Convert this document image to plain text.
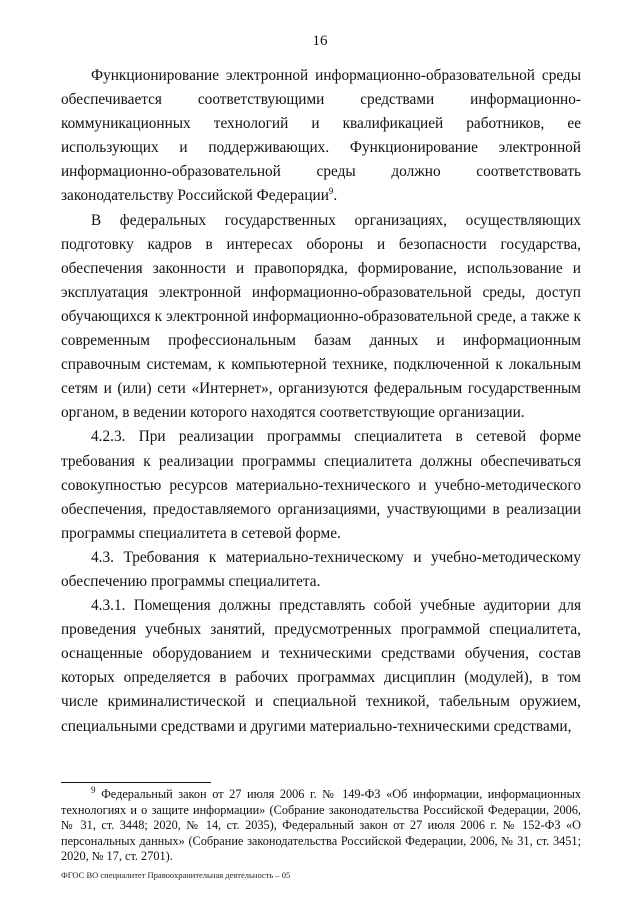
16

Функционирование электронной информационно-образовательной среды обеспечивается соответствующими средствами информационно-коммуникационных технологий и квалификацией работников, ее использующих и поддерживающих. Функционирование электронной информационно-образовательной среды должно соответствовать законодательству Российской Федерации$^9$.

В федеральных государственных организациях, осуществляющих подготовку кадров в интересах обороны и безопасности государства, обеспечения законности и правопорядка, формирование, использование и эксплуатация электронной информационно-образовательной среды, доступ обучающихся к электронной информационно-образовательной среде, а также к современным профессиональным базам данных и информационным справочным системам, к компьютерной технике, подключенной к локальным сетям и (или) сети «Интернет», организуются федеральным государственным органом, в ведении которого находятся соответствующие организации.

4.2.3. При реализации программы специалитета в сетевой форме требования к реализации программы специалитета должны обеспечиваться совокупностью ресурсов материально-технического и учебно-методического обеспечения, предоставляемого организациями, участвующими в реализации программы специалитета в сетевой форме.

4.3. Требования к материально-техническому и учебно-методическому обеспечению программы специалитета.

4.3.1. Помещения должны представлять собой учебные аудитории для проведения учебных занятий, предусмотренных программой специалитета, оснащенные оборудованием и техническими средствами обучения, состав которых определяется в рабочих программах дисциплин (модулей), в том числе криминалистической и специальной техникой, табельным оружием, специальными средствами и другими материально-техническими средствами,

$^9$ Федеральный закон от 27 июля 2006 г. № 149-ФЗ «Об информации, информационных технологиях и о защите информации» (Собрание законодательства Российской Федерации, 2006, № 31, ст. 3448; 2020, № 14, ст. 2035), Федеральный закон от 27 июля 2006 г. № 152-ФЗ «О персональных данных» (Собрание законодательства Российской Федерации, 2006, № 31, ст. 3451; 2020, № 17, ст. 2701).

ФГОС ВО специалитет Правоохранительная деятельность – 05
